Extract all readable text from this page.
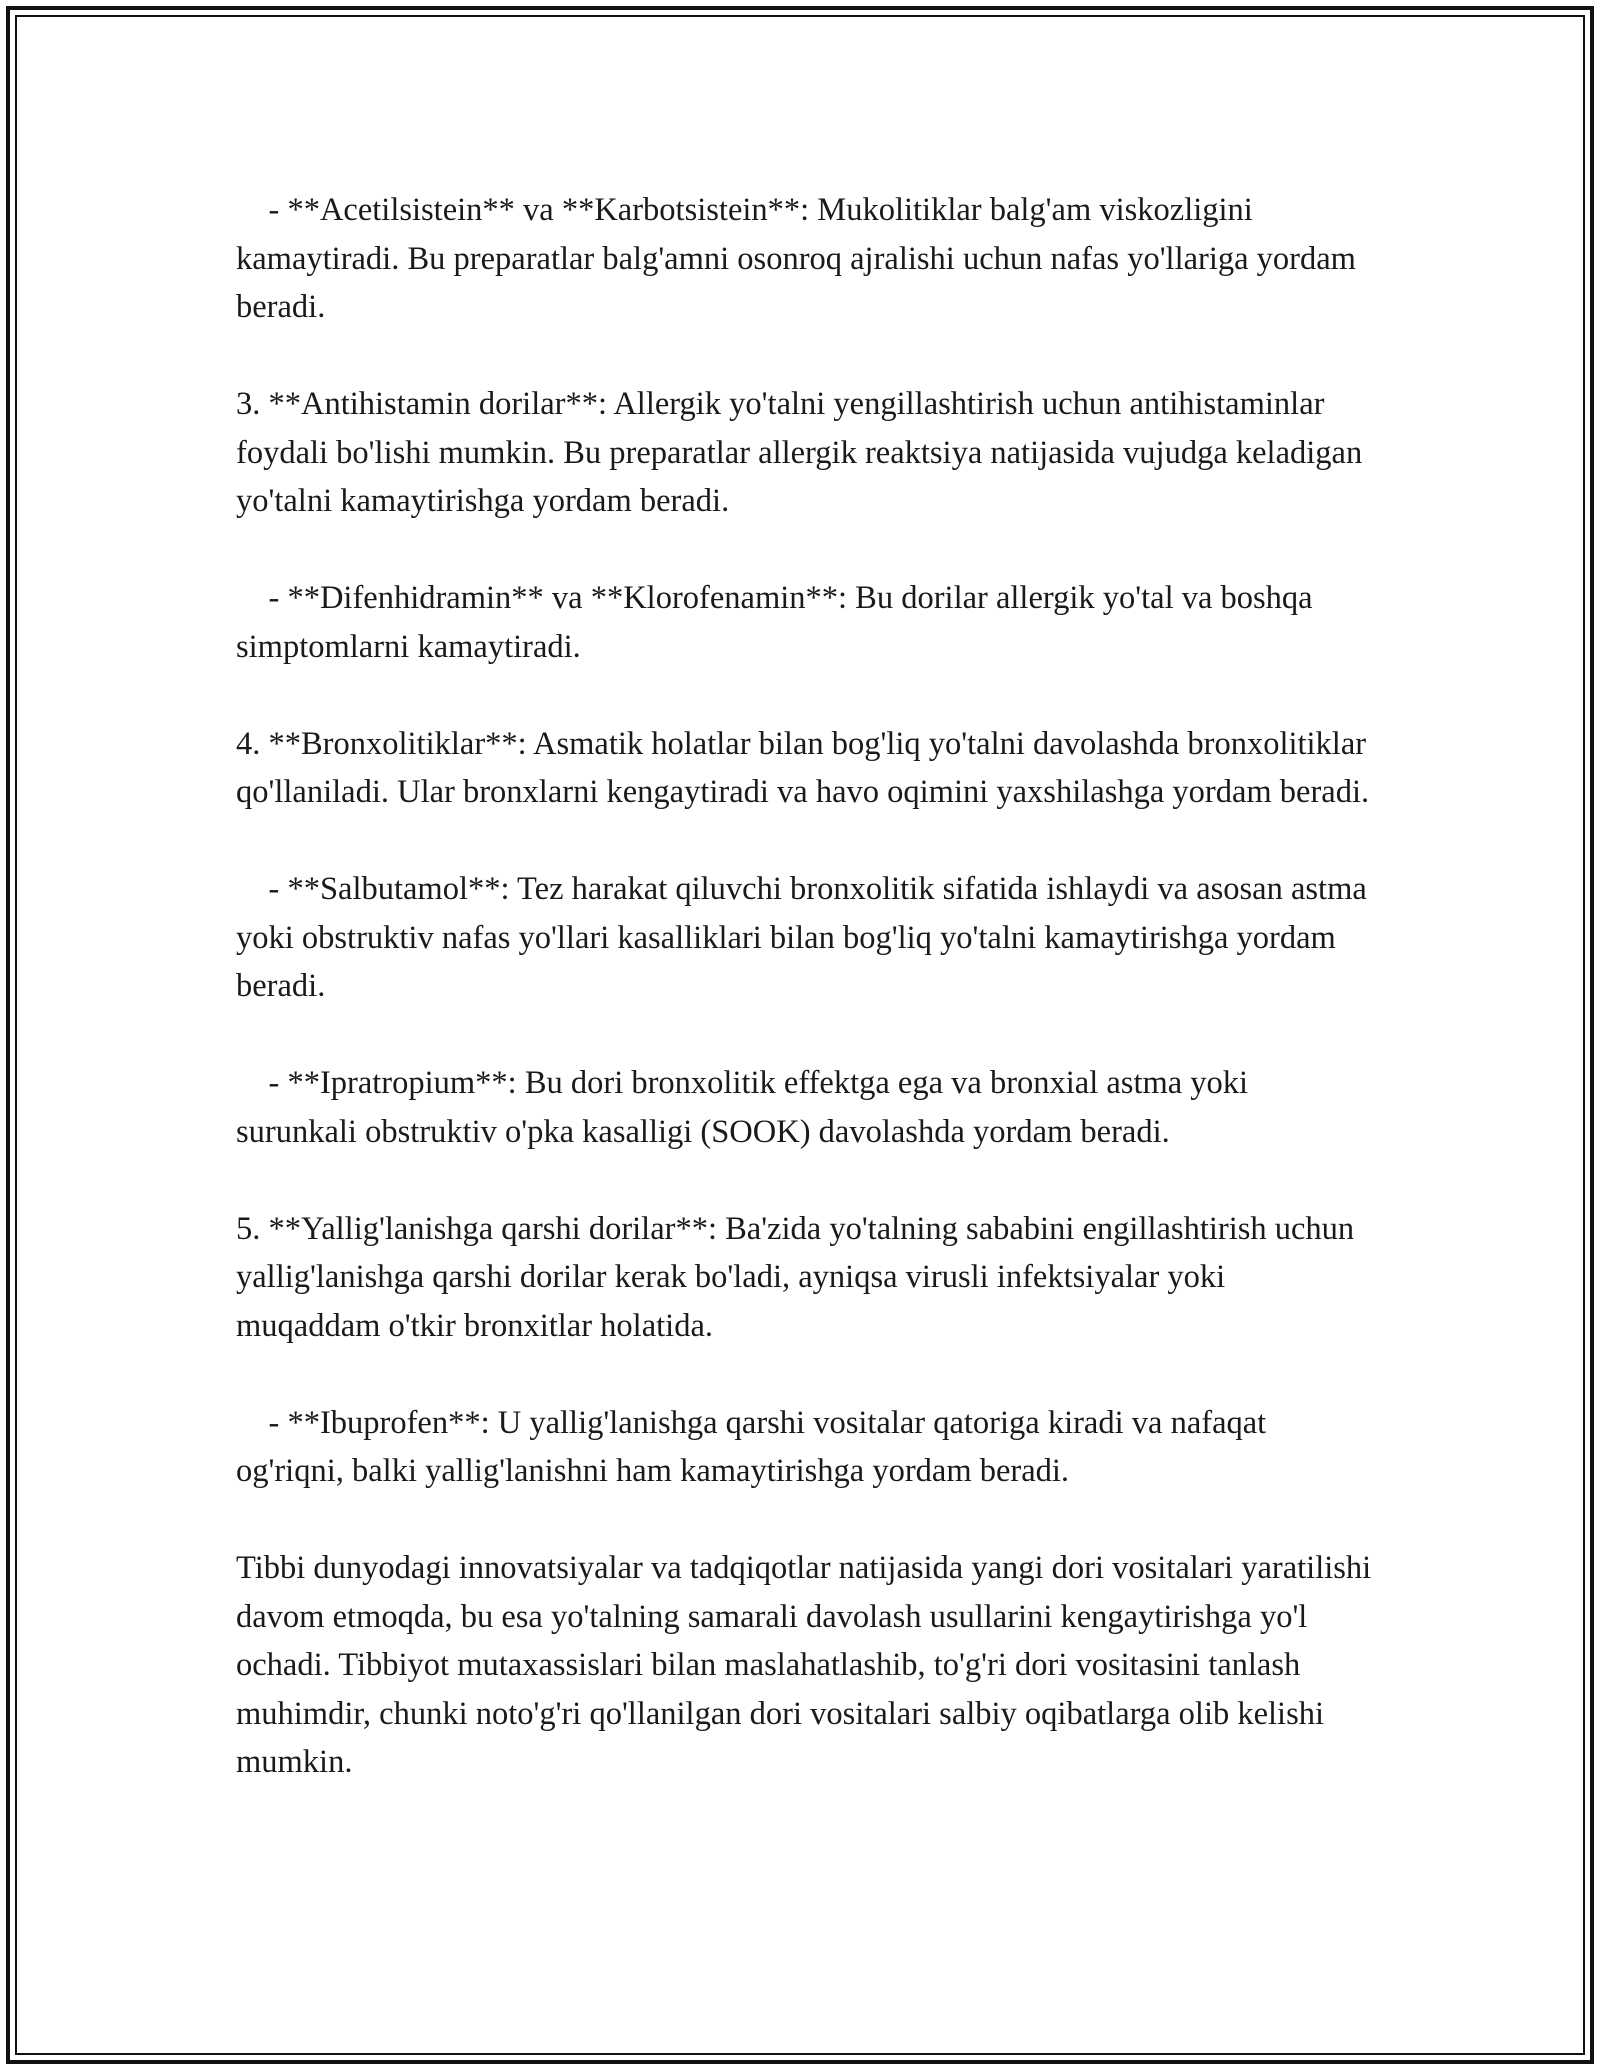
- **Acetilsistein** va **Karbotsistein**: Mukolitiklar balg'am viskozligini kamaytiradi. Bu preparatlar balg'amni osonroq ajralishi uchun nafas yo'llariga yordam beradi.

3. **Antihistamin dorilar**: Allergik yo'talni yengillashtirish uchun antihistaminlar foydali bo'lishi mumkin. Bu preparatlar allergik reaktsiya natijasida vujudga keladigan yo'talni kamaytirishga yordam beradi.

- **Difenhidramin** va **Klorofenamin**: Bu dorilar allergik yo'tal va boshqa simptomlarni kamaytiradi.

4. **Bronxolitiklar**: Asmatik holatlar bilan bog'liq yo'talni davolashda bronxolitiklar qo'llaniladi. Ular bronxlarni kengaytiradi va havo oqimini yaxshilashga yordam beradi.

- **Salbutamol**: Tez harakat qiluvchi bronxolitik sifatida ishlaydi va asosan astma yoki obstruktiv nafas yo'llari kasalliklari bilan bog'liq yo'talni kamaytirishga yordam beradi.

- **Ipratropium**: Bu dori bronxolitik effektga ega va bronxial astma yoki surunkali obstruktiv o'pka kasalligi (SOOK) davolashda yordam beradi.

5. **Yallig'lanishga qarshi dorilar**: Ba'zida yo'talning sababini engillashtirish uchun yallig'lanishga qarshi dorilar kerak bo'ladi, ayniqsa virusli infektsiyalar yoki muqaddam o'tkir bronxitlar holatida.

- **Ibuprofen**: U yallig'lanishga qarshi vositalar qatoriga kiradi va nafaqat og'riqni, balki yallig'lanishni ham kamaytirishga yordam beradi.

Tibbi dunyodagi innovatsiyalar va tadqiqotlar natijasida yangi dori vositalari yaratilishi davom etmoqda, bu esa yo'talning samarali davolash usullarini kengaytirishga yo'l ochadi. Tibbiyot mutaxassislari bilan maslahatlashib, to'g'ri dori vositasini tanlash muhimdir, chunki noto'g'ri qo'llanilgan dori vositalari salbiy oqibatlarga olib kelishi mumkin.
